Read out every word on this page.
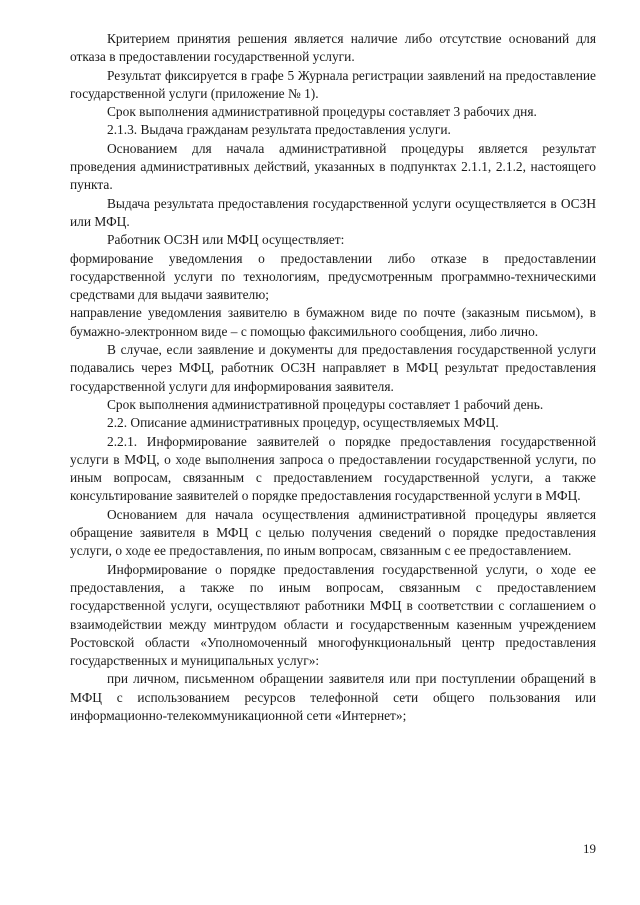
Критерием принятия решения является наличие либо отсутствие оснований для отказа в предоставлении государственной услуги.

Результат фиксируется в графе 5 Журнала регистрации заявлений на предоставление государственной услуги (приложение № 1).

Срок выполнения административной процедуры составляет 3 рабочих дня.

2.1.3. Выдача гражданам результата предоставления услуги.

Основанием для начала административной процедуры является результат проведения административных действий, указанных в подпунктах 2.1.1, 2.1.2, настоящего пункта.

Выдача результата предоставления государственной услуги осуществляется в ОСЗН или МФЦ.

Работник ОСЗН или МФЦ осуществляет:

формирование уведомления о предоставлении либо отказе в предоставлении государственной услуги по технологиям, предусмотренным программно-техническими средствами для выдачи заявителю;

направление уведомления заявителю в бумажном виде по почте (заказным письмом), в бумажно-электронном виде – с помощью факсимильного сообщения, либо лично.

В случае, если заявление и документы для предоставления государственной услуги подавались через МФЦ, работник ОСЗН направляет в МФЦ результат предоставления государственной услуги для информирования заявителя.

Срок выполнения административной процедуры составляет 1 рабочий день.

2.2. Описание административных процедур, осуществляемых МФЦ.

2.2.1. Информирование заявителей о порядке предоставления государственной услуги в МФЦ, о ходе выполнения запроса о предоставлении государственной услуги, по иным вопросам, связанным с предоставлением государственной услуги, а также консультирование заявителей о порядке предоставления государственной услуги в МФЦ.

Основанием для начала осуществления административной процедуры является обращение заявителя в МФЦ с целью получения сведений о порядке предоставления услуги, о ходе ее предоставления, по иным вопросам, связанным с ее предоставлением.

Информирование о порядке предоставления государственной услуги, о ходе ее предоставления, а также по иным вопросам, связанным с предоставлением государственной услуги, осуществляют работники МФЦ в соответствии с соглашением о взаимодействии между минтрудом области и государственным казенным учреждением Ростовской области «Уполномоченный многофункциональный центр предоставления государственных и муниципальных услуг»:

при личном, письменном обращении заявителя или при поступлении обращений в МФЦ с использованием ресурсов телефонной сети общего пользования или информационно-телекоммуникационной сети «Интернет»;

19
